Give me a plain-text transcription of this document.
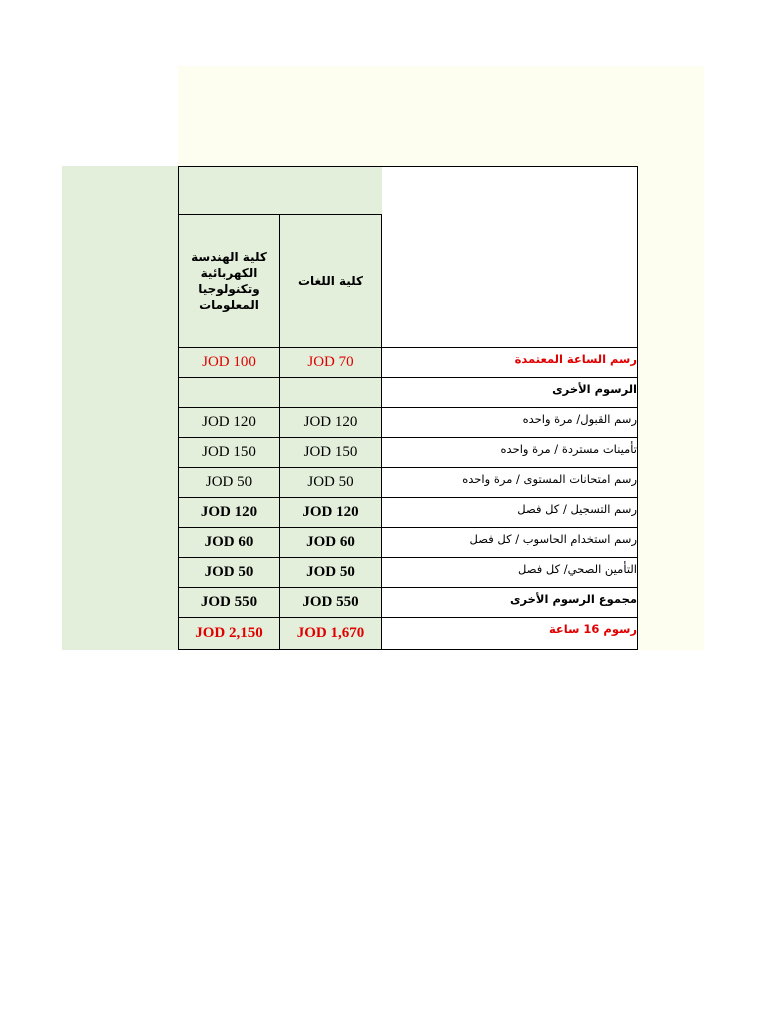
كلية الهندسة الكهربائية وتكنولوجيا المعلومات
كلية اللغات
رسم الساعة المعتمدة
JOD 100	JOD 70
الرسوم الأخرى
رسم القبول/ مرة واحده
JOD 120	JOD 120
تأمينات مستردة / مرة واحده
JOD 150	JOD 150
رسم امتحانات المستوى / مرة واحده
JOD 50	JOD 50
رسم التسجيل / كل فصل
JOD 120	JOD 120
رسم استخدام الحاسوب / كل فصل
JOD 60	JOD 60
التأمين الصحي/ كل فصل
JOD 50	JOD 50
مجموع الرسوم الأخرى
JOD 550	JOD 550
رسوم 16 ساعة
JOD 2,150	JOD 1,670
